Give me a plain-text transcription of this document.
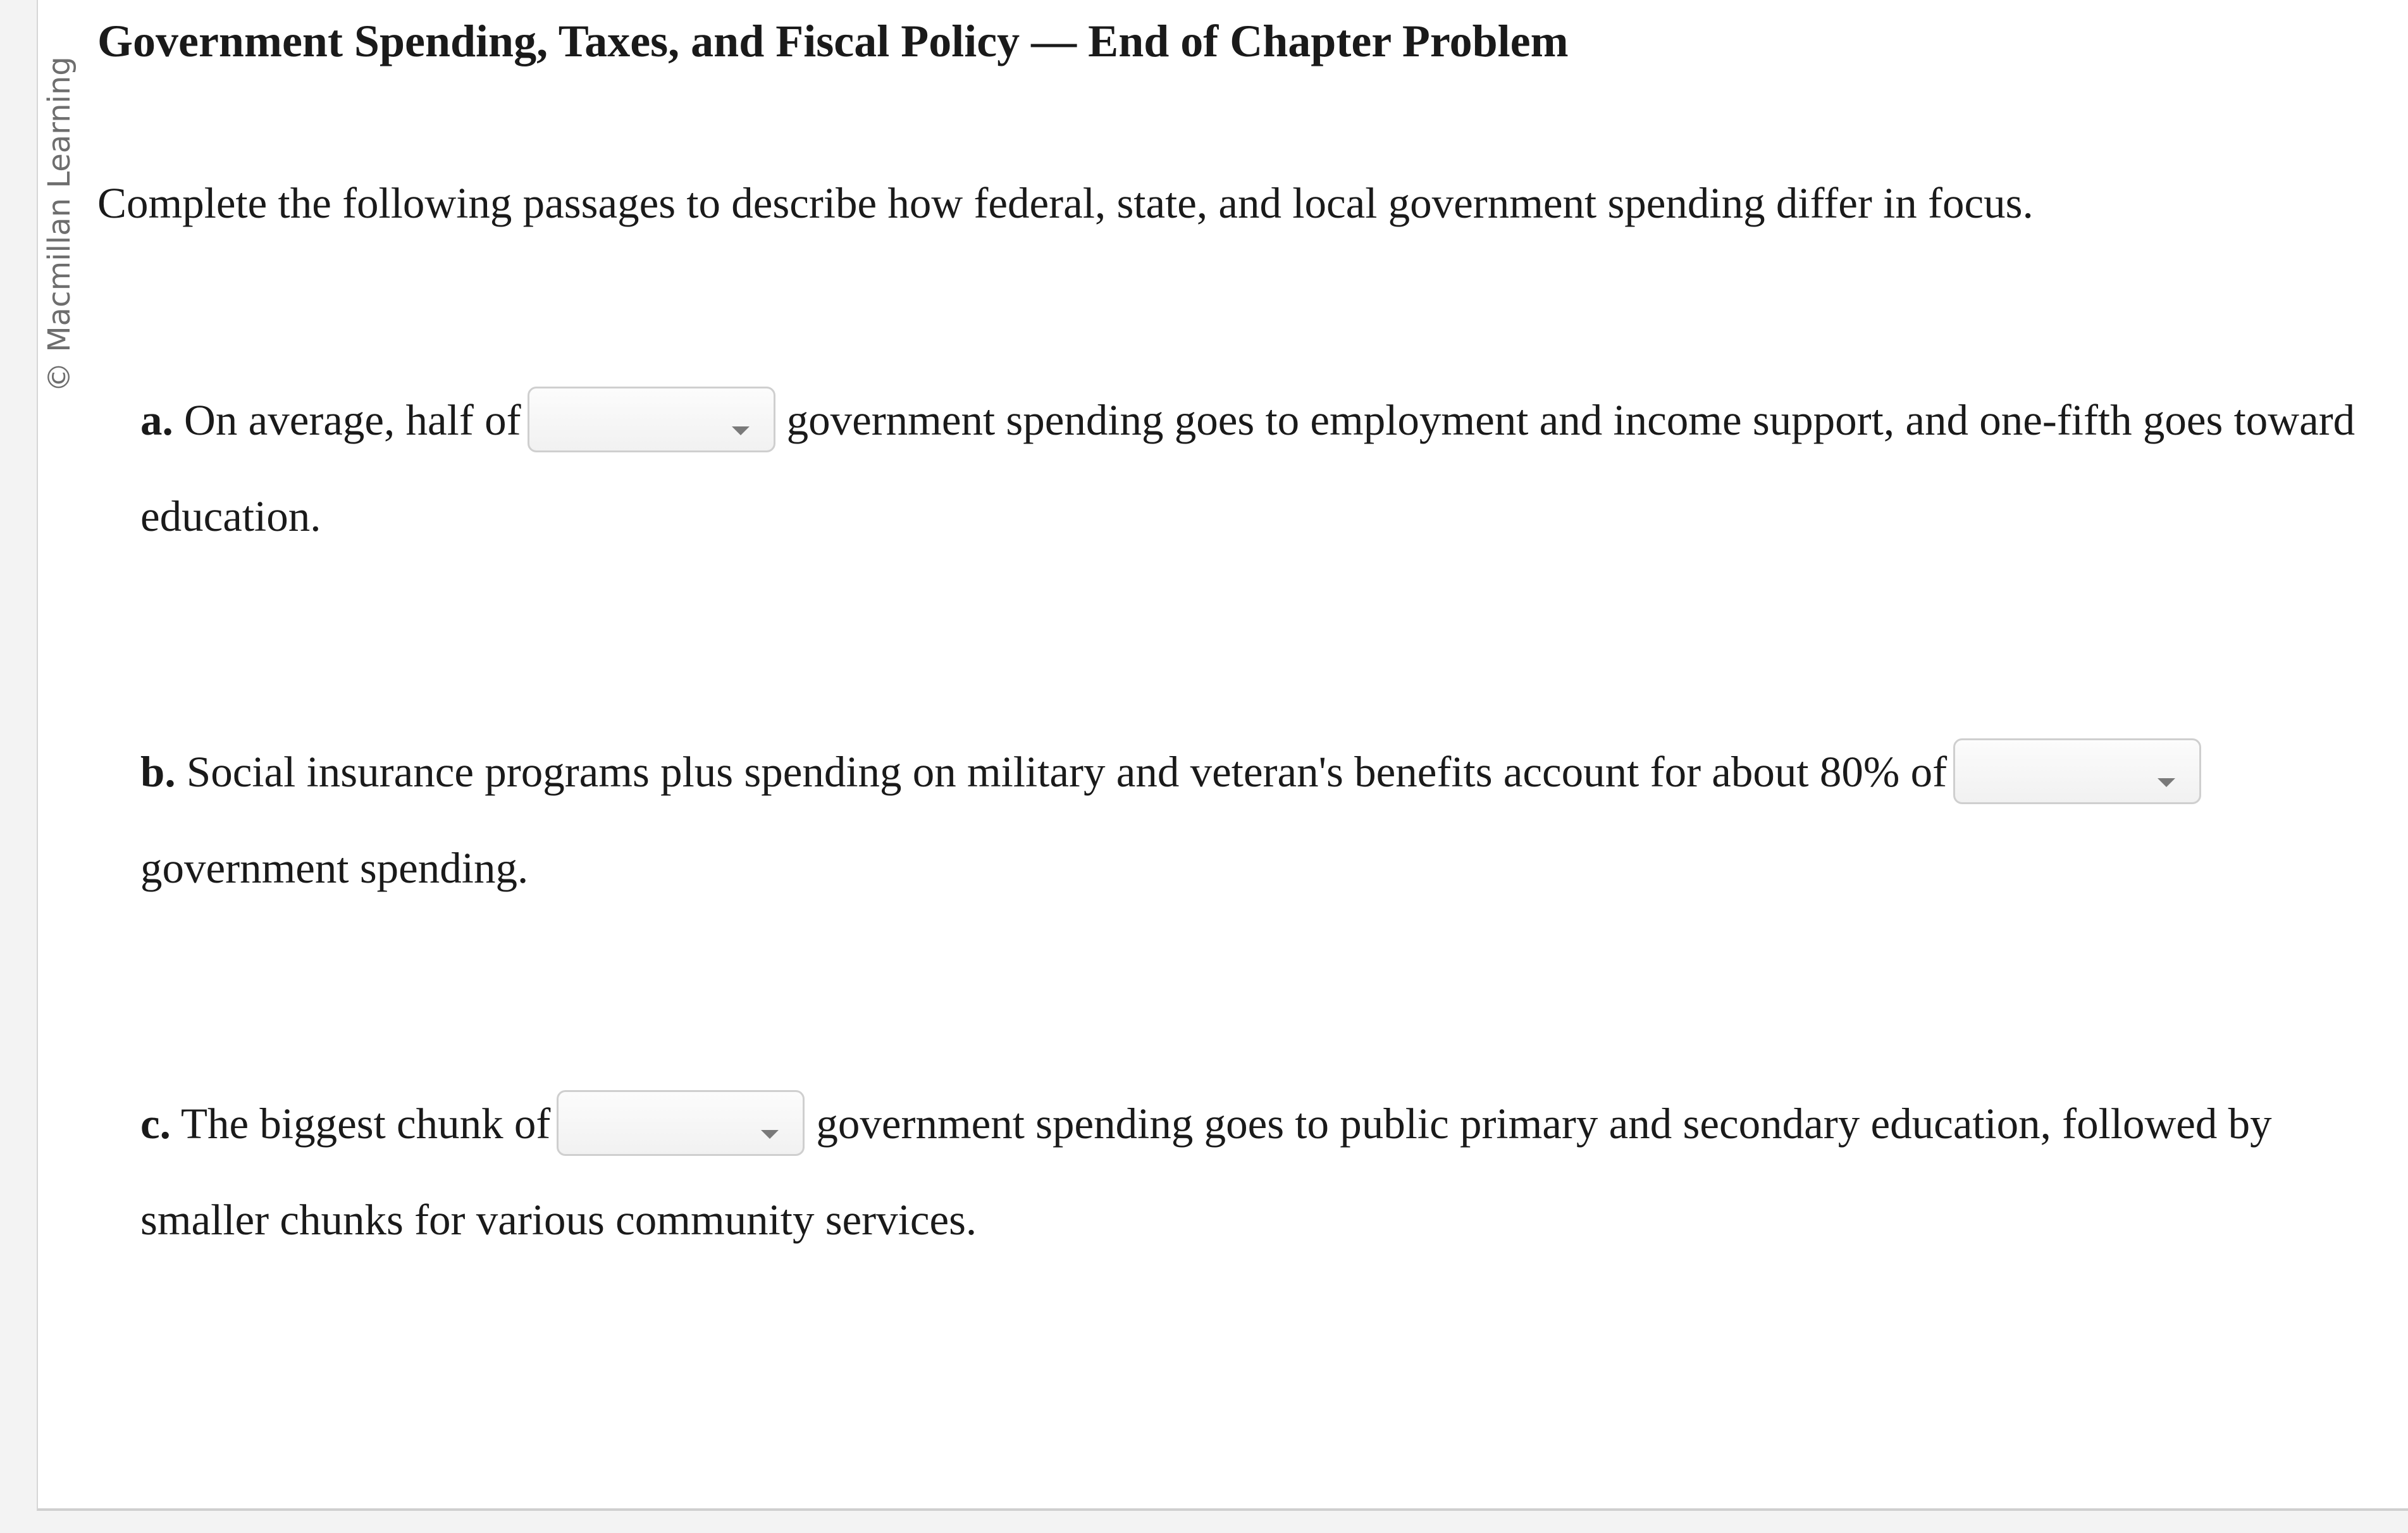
© Macmillan Learning
Government Spending, Taxes, and Fiscal Policy — End of Chapter Problem

Complete the following passages to describe how federal, state, and local government spending differ in focus.

a. On average, half of	government spending goes to employment and income support, and one-fifth goes toward education.

b. Social insurance programs plus spending on military and veteran's benefits account for about 80% of
government spending.

c. The biggest chunk of	government spending goes to public primary and secondary education, followed by smaller chunks for various community services.
